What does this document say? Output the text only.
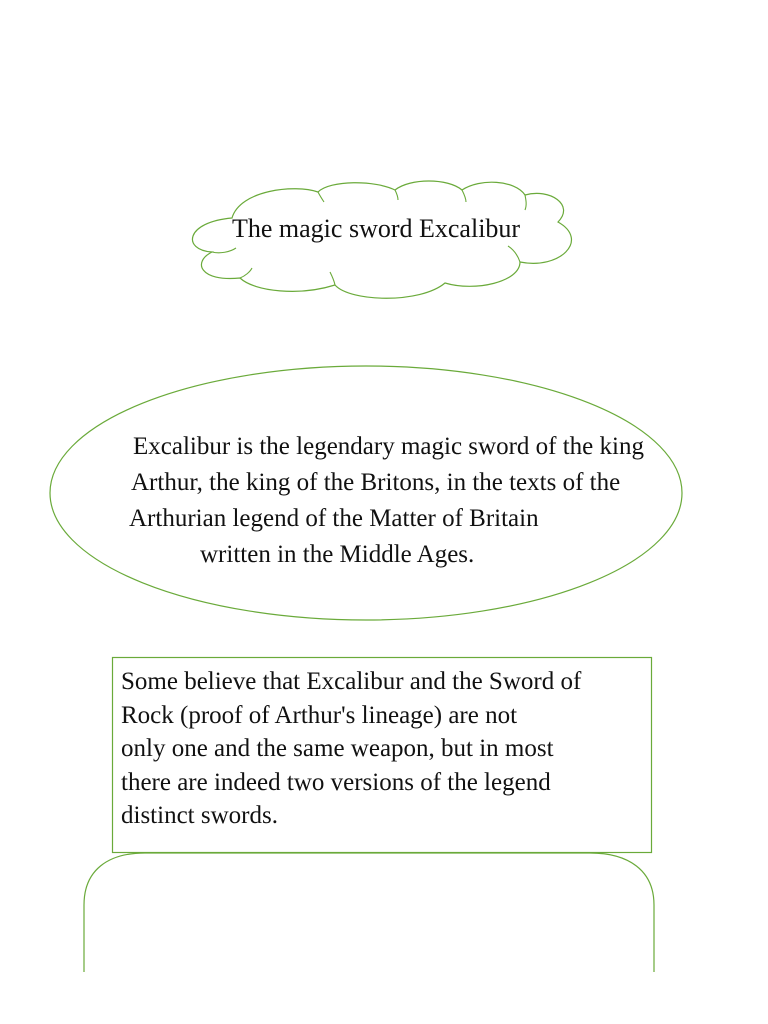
The magic sword Excalibur
Excalibur is the legendary magic sword of the king
Arthur, the king of the Britons, in the texts of the
Arthurian legend of the Matter of Britain
written in the Middle Ages.
Some believe that Excalibur and the Sword of
Rock (proof of Arthur's lineage) are not
only one and the same weapon, but in most
there are indeed two versions of the legend
distinct swords.
